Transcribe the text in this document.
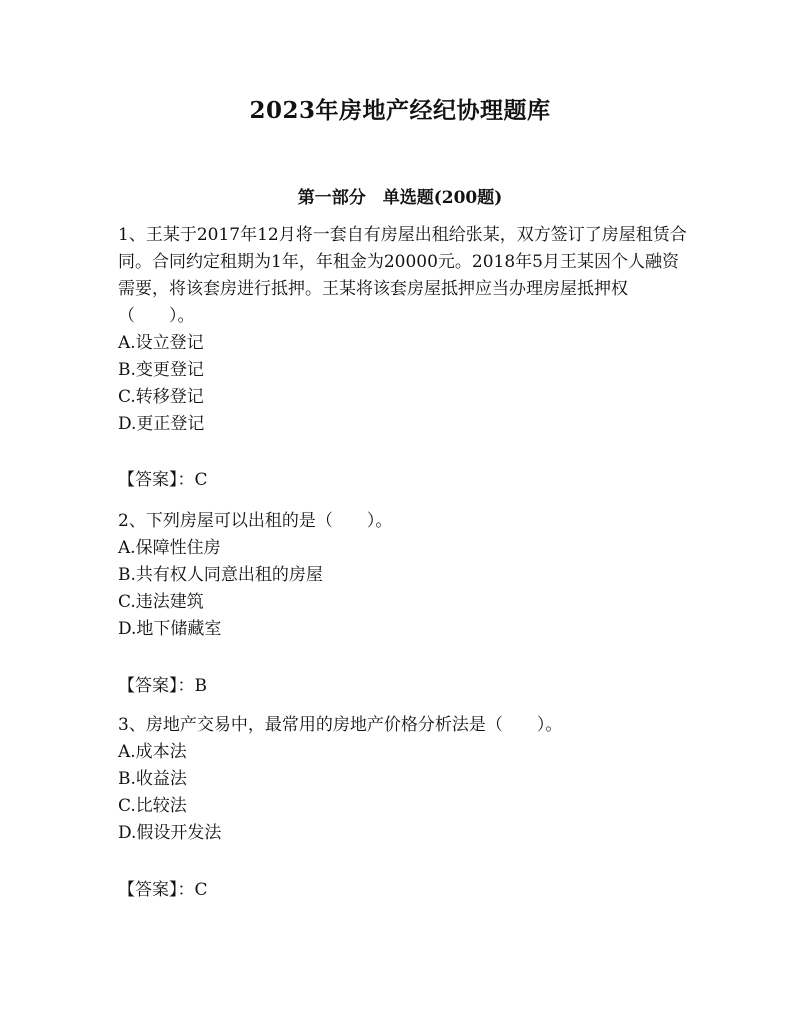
2023年房地产经纪协理题库
第一部分　单选题(200题)

1、王某于2017年12月将一套自有房屋出租给张某，双方签订了房屋租赁合同。合同约定租期为1年，年租金为20000元。2018年5月王某因个人融资需要，将该套房进行抵押。王某将该套房屋抵押应当办理房屋抵押权（　　）。

A.设立登记
B.变更登记
C.转移登记
D.更正登记
【答案】：C

2、下列房屋可以出租的是（　　）。

A.保障性住房
B.共有权人同意出租的房屋
C.违法建筑
D.地下储藏室
【答案】：B

3、房地产交易中，最常用的房地产价格分析法是（　　）。

A.成本法
B.收益法
C.比较法
D.假设开发法
【答案】：C
